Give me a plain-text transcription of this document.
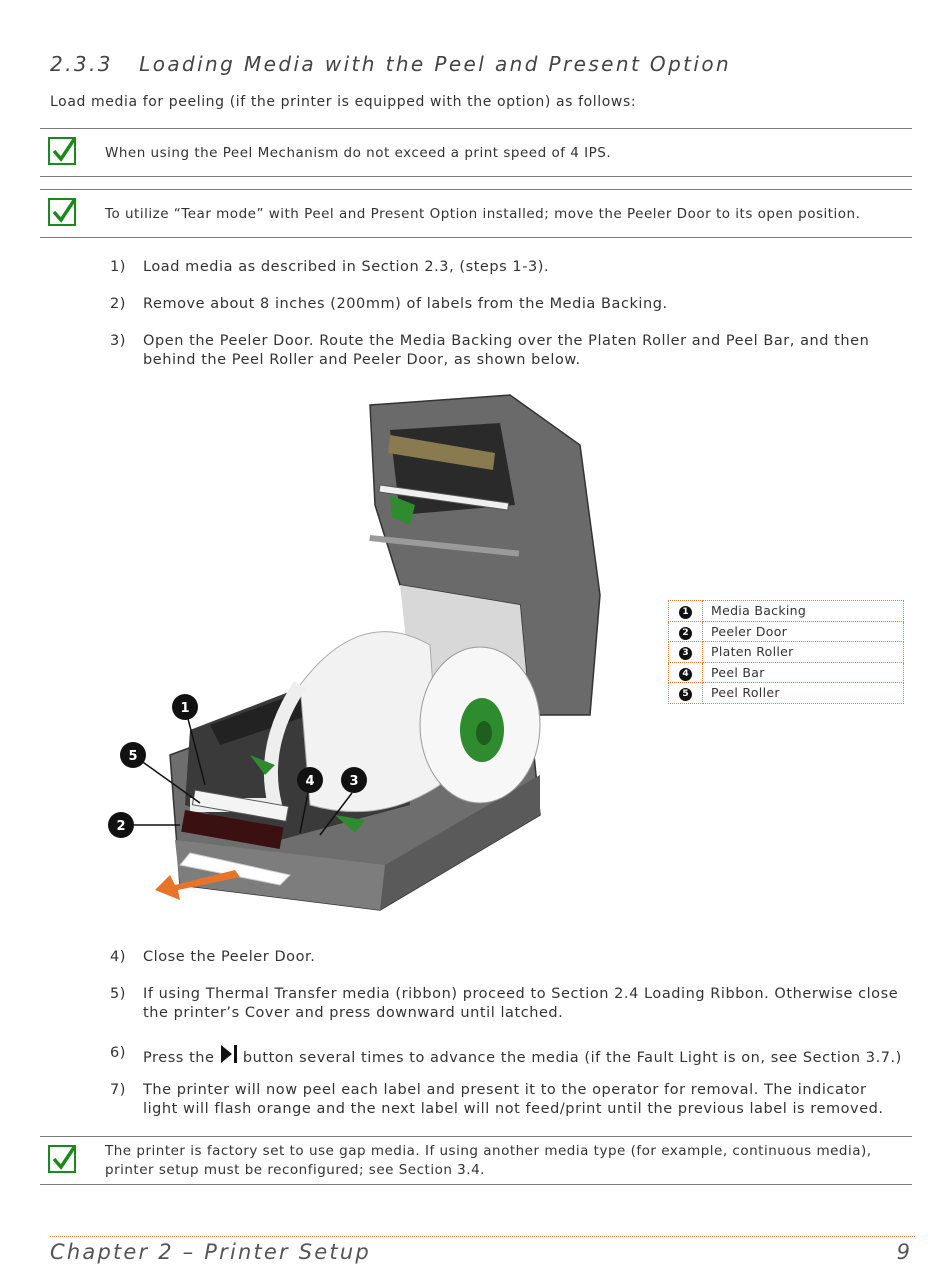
2.3.3 Loading Media with the Peel and Present Option
Load media for peeling (if the printer is equipped with the option) as follows:
When using the Peel Mechanism do not exceed a print speed of 4 IPS.
To utilize “Tear mode” with Peel and Present Option installed; move the Peeler Door to its open position.
1)	Load media as described in Section 2.3, (steps 1-3).
2)	Remove about 8 inches (200mm) of labels from the Media Backing.
3)	Open the Peeler Door. Route the Media Backing over the Platen Roller and Peel Bar, and then behind the Peel Roller and Peeler Door, as shown below.
1
5
2
4	3
1	Media Backing
2	Peeler Door
3	Platen Roller
4	Peel Bar
5	Peel Roller
4)	Close the Peeler Door.
5)	If using Thermal Transfer media (ribbon) proceed to Section 2.4 Loading Ribbon. Otherwise close the printer’s Cover and press downward until latched.
6)	Press the button several times to advance the media (if the Fault Light is on, see Section 3.7.)
7)	The printer will now peel each label and present it to the operator for removal. The indicator light will flash orange and the next label will not feed/print until the previous label is removed.
The printer is factory set to use gap media. If using another media type (for example, continuous media), printer setup must be reconfigured; see Section 3.4.
Chapter 2 – Printer Setup	9
